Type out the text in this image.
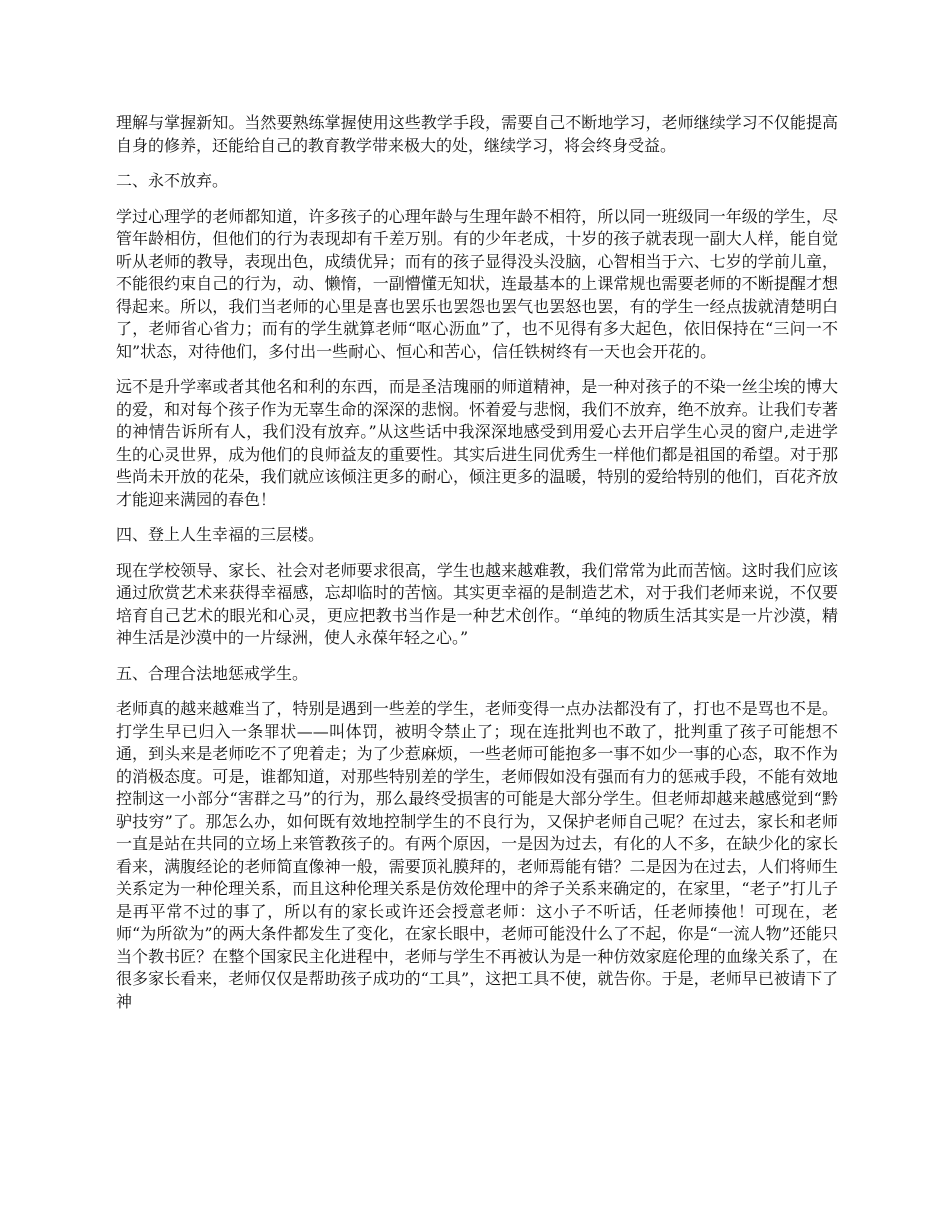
理解与掌握新知。当然要熟练掌握使用这些教学手段，需要自己不断地学习，老师继续学习不仅能提高自身的修养，还能给自己的教育教学带来极大的处，继续学习，将会终身受益。

二、永不放弃。

学过心理学的老师都知道，许多孩子的心理年龄与生理年龄不相符，所以同一班级同一年级的学生，尽管年龄相仿，但他们的行为表现却有千差万别。有的少年老成，十岁的孩子就表现一副大人样，能自觉听从老师的教导，表现出色，成绩优异；而有的孩子显得没头没脑，心智相当于六、七岁的学前儿童，不能很约束自己的行为，动、懒惰，一副懵懂无知状，连最基本的上课常规也需要老师的不断提醒才想得起来。所以，我们当老师的心里是喜也罢乐也罢怨也罢气也罢怒也罢，有的学生一经点拔就清楚明白了，老师省心省力；而有的学生就算老师“呕心沥血”了，也不见得有多大起色，依旧保持在“三问一不知”状态，对待他们，多付出一些耐心、恒心和苦心，信任铁树终有一天也会开花的。

远不是升学率或者其他名和利的东西，而是圣洁瑰丽的师道精神，是一种对孩子的不染一丝尘埃的博大的爱，和对每个孩子作为无辜生命的深深的悲悯。怀着爱与悲悯，我们不放弃，绝不放弃。让我们专著的神情告诉所有人，我们没有放弃。”从这些话中我深深地感受到用爱心去开启学生心灵的窗户,走进学生的心灵世界，成为他们的良师益友的重要性。其实后进生同优秀生一样他们都是祖国的希望。对于那些尚未开放的花朵，我们就应该倾注更多的耐心，倾注更多的温暖，特别的爱给特别的他们，百花齐放才能迎来满园的春色！

四、登上人生幸福的三层楼。

现在学校领导、家长、社会对老师要求很高，学生也越来越难教，我们常常为此而苦恼。这时我们应该通过欣赏艺术来获得幸福感，忘却临时的苦恼。其实更幸福的是制造艺术，对于我们老师来说，不仅要培育自己艺术的眼光和心灵，更应把教书当作是一种艺术创作。“单纯的物质生活其实是一片沙漠，精神生活是沙漠中的一片绿洲，使人永葆年轻之心。”

五、合理合法地惩戒学生。

老师真的越来越难当了，特别是遇到一些差的学生，老师变得一点办法都没有了，打也不是骂也不是。打学生早已归入一条罪状——叫体罚，被明令禁止了；现在连批判也不敢了，批判重了孩子可能想不通，到头来是老师吃不了兜着走；为了少惹麻烦，一些老师可能抱多一事不如少一事的心态，取不作为的消极态度。可是，谁都知道，对那些特别差的学生，老师假如没有强而有力的惩戒手段，不能有效地控制这一小部分“害群之马”的行为，那么最终受损害的可能是大部分学生。但老师却越来越感觉到“黔驴技穷”了。那怎么办，如何既有效地控制学生的不良行为，又保护老师自己呢？在过去，家长和老师一直是站在共同的立场上来管教孩子的。有两个原因，一是因为过去，有化的人不多，在缺少化的家长看来，满腹经论的老师简直像神一般，需要顶礼膜拜的，老师焉能有错？二是因为在过去，人们将师生关系定为一种伦理关系，而且这种伦理关系是仿效伦理中的斧子关系来确定的，在家里，“老子”打儿子是再平常不过的事了，所以有的家长或许还会授意老师：这小子不听话，任老师揍他！可现在，老师“为所欲为”的两大条件都发生了变化，在家长眼中，老师可能没什么了不起，你是“一流人物”还能只当个教书匠？在整个国家民主化进程中，老师与学生不再被认为是一种仿效家庭伦理的血缘关系了，在很多家长看来，老师仅仅是帮助孩子成功的“工具”，这把工具不使，就告你。于是，老师早已被请下了神
